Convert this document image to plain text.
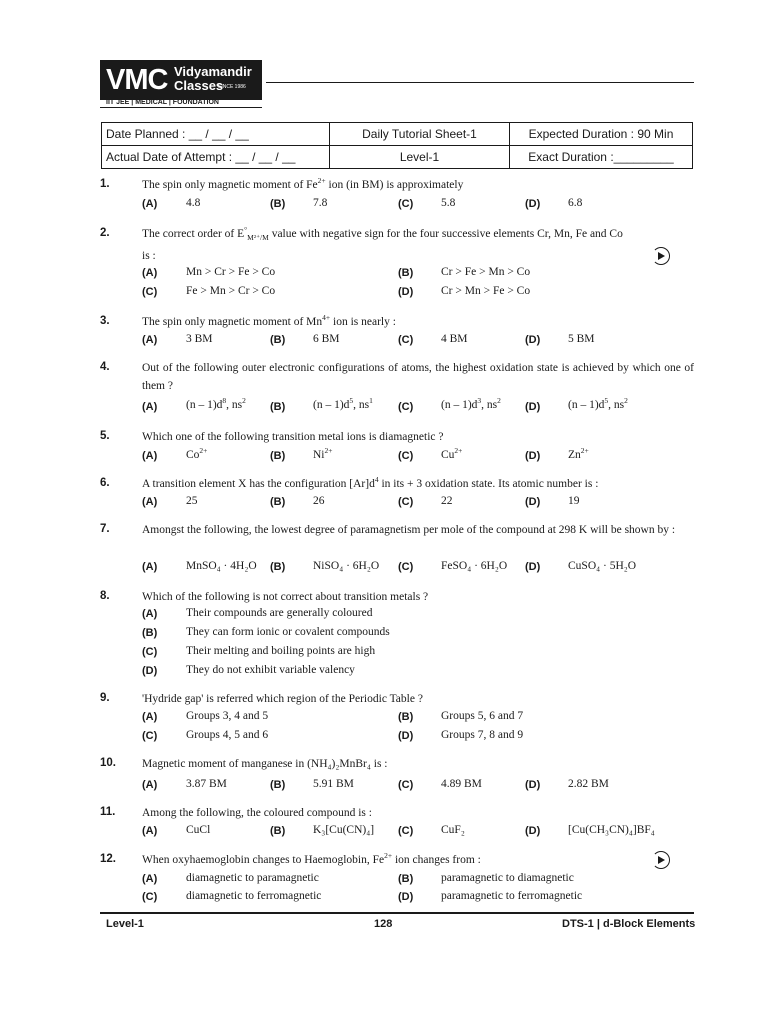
VMC Vidyamandir
Classes
SINCE 1986
IIT JEE | MEDICAL | FOUNDATION
Date Planned : __ / __ / __	Daily Tutorial Sheet-1	Expected Duration : 90 Min
Actual Date of Attempt : __ / __ / __	Level-1	Exact Duration :_________
1.	The spin only magnetic moment of $Fe^{2+}$ ion (in BM) is approximately
(A) 4.8	(B) 7.8	(C) 5.8	(D) 6.8
2.	The correct order of $E^\circ_{M^{2+}/M}$ value with negative sign for the four successive elements Cr, Mn, Fe and Co
is :
(A) Mn > Cr > Fe > Co	(B) Cr > Fe > Mn > Co
(C) Fe > Mn > Cr > Co	(D) Cr > Mn > Fe > Co
3.	The spin only magnetic moment of $Mn^{4+}$ ion is nearly :
(A) 3 BM	(B) 6 BM	(C) 4 BM	(D) 5 BM
4.	Out of the following outer electronic configurations of atoms, the highest oxidation state is achieved by which one of them ?
(A) $(n - 1)d^8$, $ns^2$
(B) $(n - 1)d^5$, $ns^1$
(C) $(n - 1)d^3$, $ns^2$
(D) $(n - 1)d^5$, $ns^2$
5.	Which one of the following transition metal ions is diamagnetic ?
(A) $Co^{2+}$	(B) $Ni^{2+}$	(C) $Cu^{2+}$	(D) $Zn^{2+}$
6.	A transition element X has the configuration $[Ar]d^4$ in its + 3 oxidation state. Its atomic number is :
(A) 25	(B) 26	(C) 22	(D) 19
7.	Amongst the following, the lowest degree of paramagnetism per mole of the compound at 298 K will be shown by :
(A) MnSO₄ · 4H₂O (B) NiSO₄ · 6H₂O (C) FeSO₄ · 6H₂O (D) CuSO₄ · 5H₂O
8.	Which of the following is not correct about transition metals ?
(A) Their compounds are generally coloured
(B) They can form ionic or covalent compounds
(C) Their melting and boiling points are high
(D) They do not exhibit variable valency
9.	'Hydride gap' is referred which region of the Periodic Table ?
(A) Groups 3, 4 and 5	(B) Groups 5, 6 and 7
(C) Groups 4, 5 and 6	(D) Groups 7, 8 and 9
10. Magnetic moment of manganese in (NH₄)₂MnBr₄ is :
(A) 3.87 BM	(B) 5.91 BM	(C) 4.89 BM	(D) 2.82 BM
11. Among the following, the coloured compound is :
(A) CuCl	(B) K₃[Cu(CN)₄] (C) CuF₂	(D) [Cu(CH₃CN)₄]BF₄
12. When oxyhaemoglobin changes to Haemoglobin, $Fe^{2+}$ ion changes from :
(A) diamagnetic to paramagnetic	(B) paramagnetic to diamagnetic
(C) diamagnetic to ferromagnetic	(D) paramagnetic to ferromagnetic
Level-1	128	DTS-1 | d-Block Elements
